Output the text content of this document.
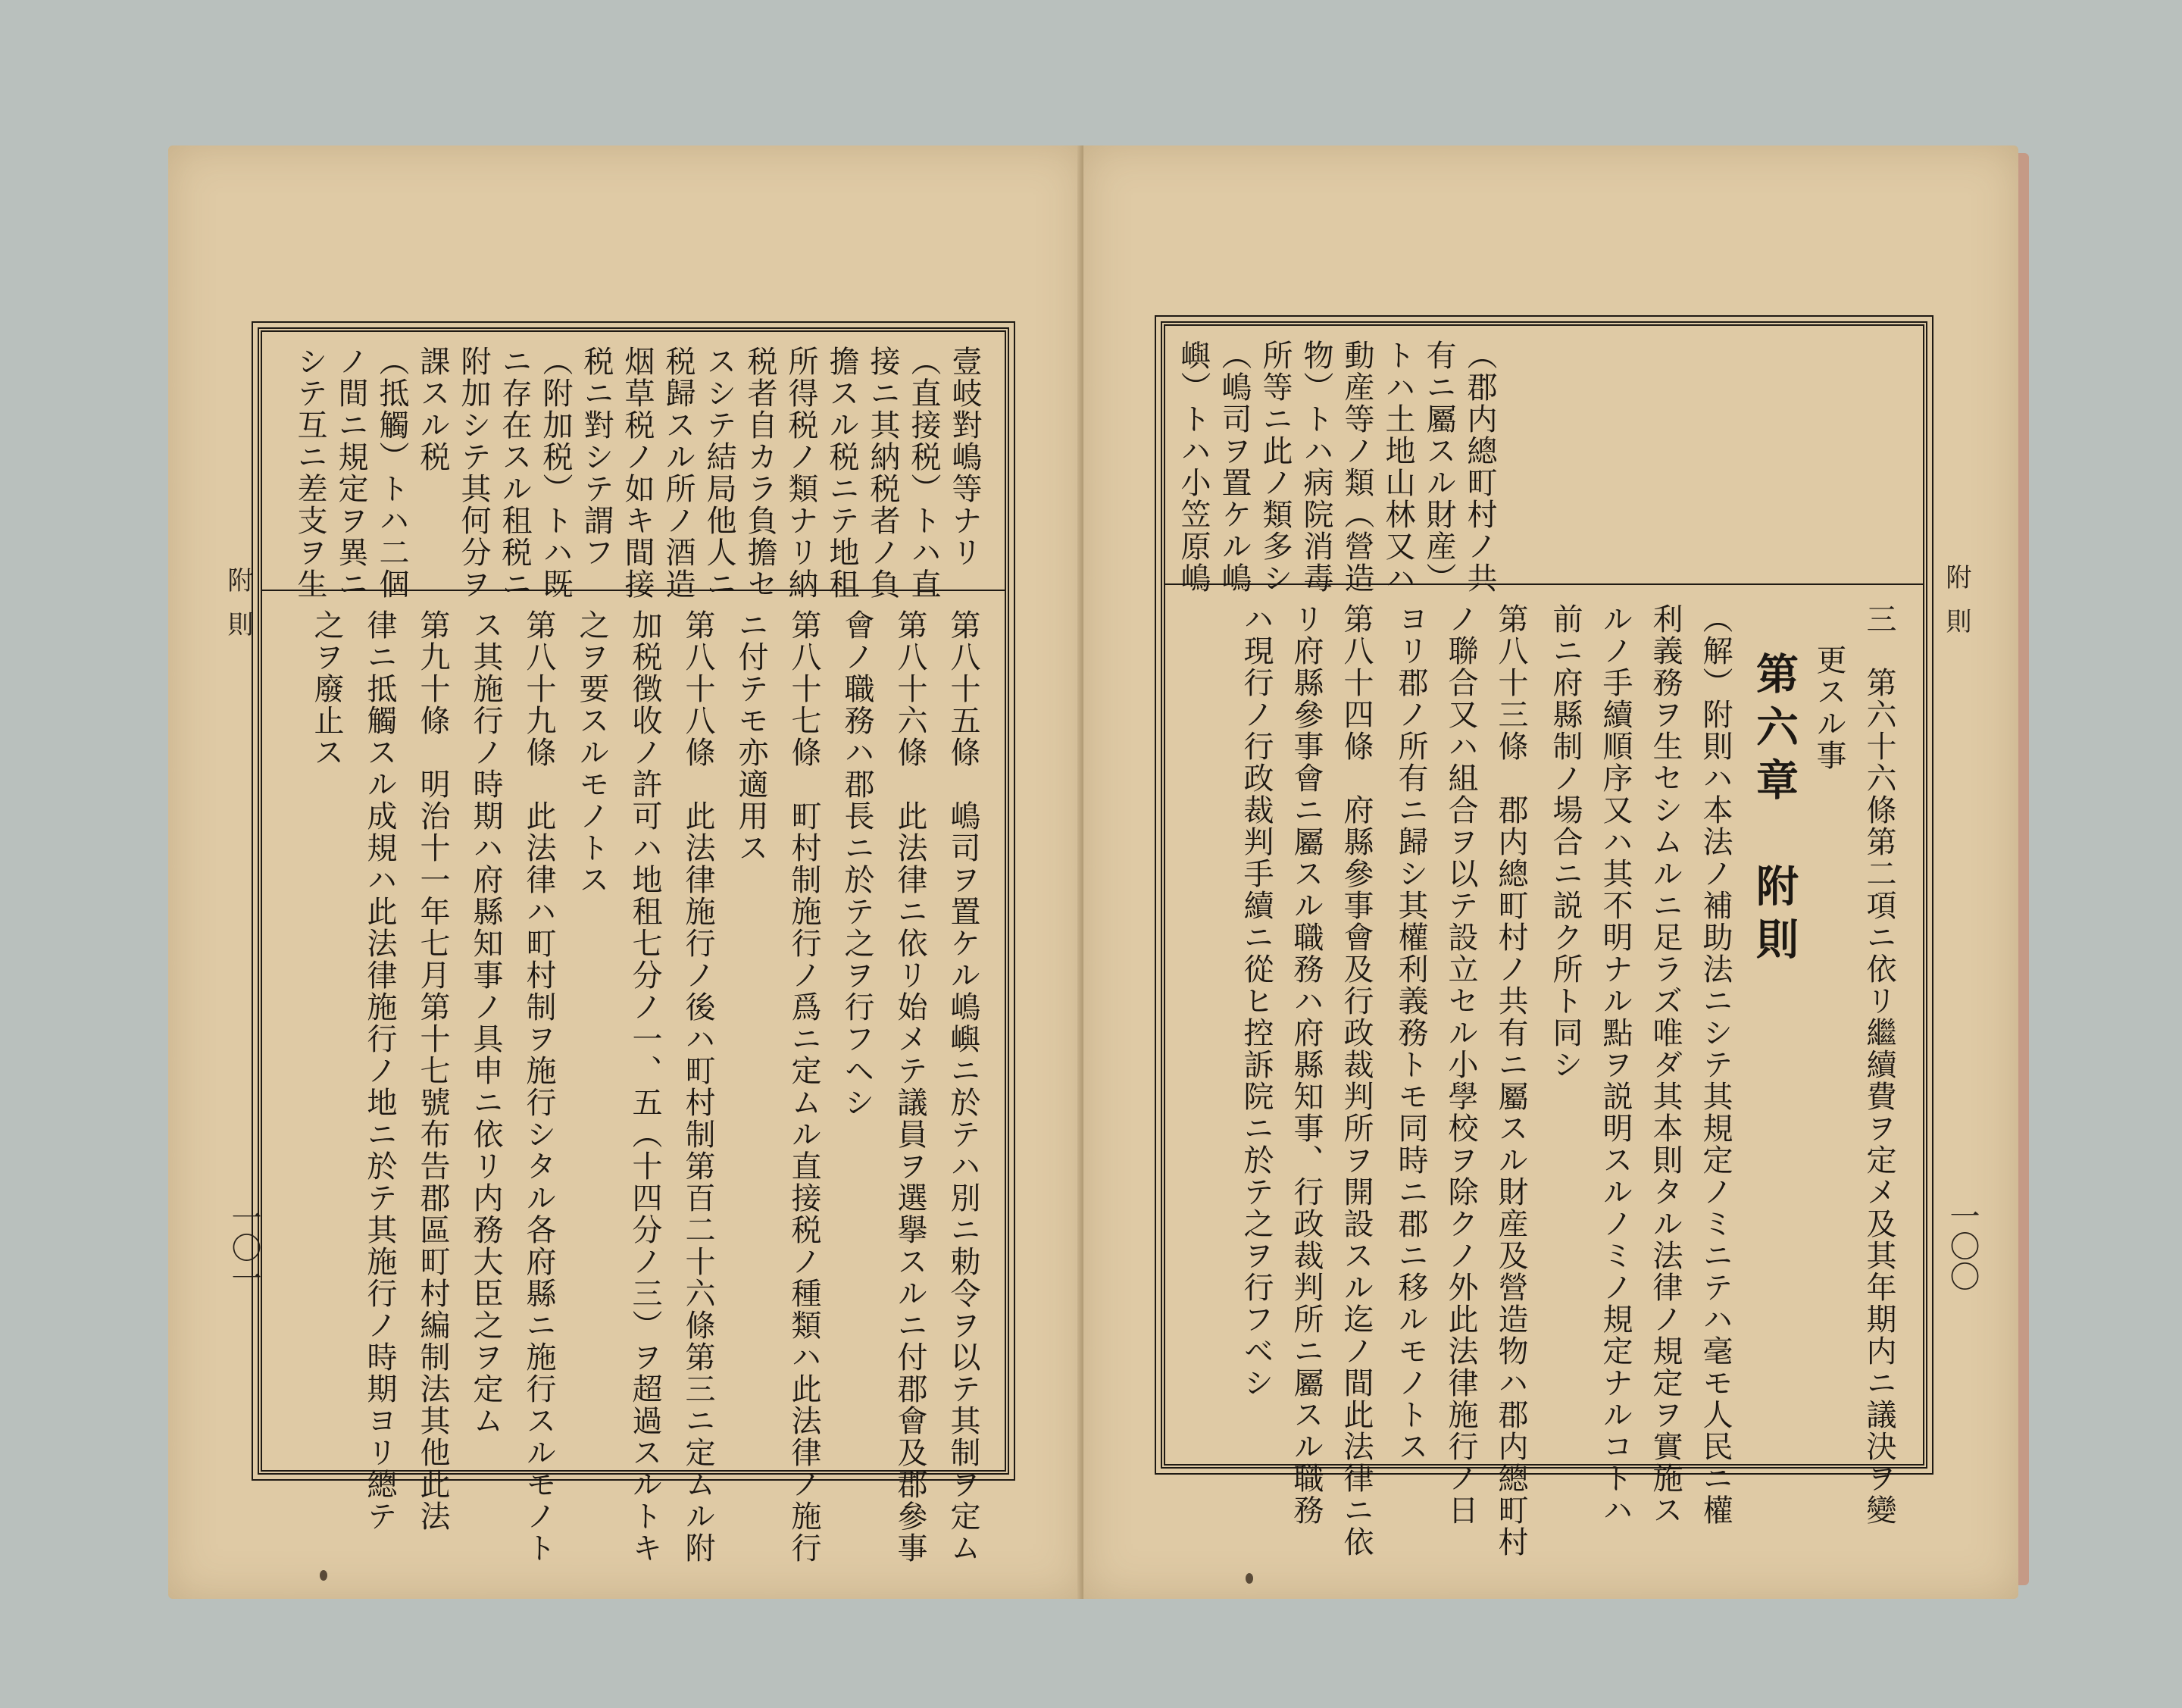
附則
一〇一
壹岐對嶋等ナリ
（直接税）トハ直
接ニ其納税者ノ負
擔スル税ニテ地租
所得税ノ類ナリ納
税者自カラ負擔セ
スシテ結局他人ニ
税歸スル所ノ酒造
烟草税ノ如キ間接
税ニ對シテ謂フ
（附加税）トハ既
ニ存在スル租税ニ
附加シテ其何分ヲ
課スル税
（抵觸）トハ二個
ノ間ニ規定ヲ異ニ
シテ互ニ差支ヲ生
第八十五條　嶋司ヲ置ケル嶋嶼ニ於テハ別ニ勅令ヲ以テ其制ヲ定ム
第八十六條　此法律ニ依リ始メテ議員ヲ選擧スルニ付郡會及郡參事
會ノ職務ハ郡長ニ於テ之ヲ行フヘシ
第八十七條　町村制施行ノ爲ニ定ムル直接税ノ種類ハ此法律ノ施行
ニ付テモ亦適用ス
第八十八條　此法律施行ノ後ハ町村制第百二十六條第三ニ定ムル附
加税徴收ノ許可ハ地租七分ノ一、五（十四分ノ三）ヲ超過スルトキ
之ヲ要スルモノトス
第八十九條　此法律ハ町村制ヲ施行シタル各府縣ニ施行スルモノト
ス其施行ノ時期ハ府縣知事ノ具申ニ依リ内務大臣之ヲ定ム
第九十條　明治十一年七月第十七號布告郡區町村編制法其他此法
律ニ抵觸スル成規ハ此法律施行ノ地ニ於テ其施行ノ時期ヨリ總テ
之ヲ廢止ス
附則
一〇〇
（郡内總町村ノ共
有ニ屬スル財産）
トハ土地山林又ハ
動産等ノ類（營造
物）トハ病院消毒
所等ニ此ノ類多シ
（嶋司ヲ置ケル嶋
嶼）トハ小笠原嶋
三　第六十六條第二項ニ依リ繼續費ヲ定メ及其年期内ニ議決ヲ變
更スル事
第六章　附則
（解）附則ハ本法ノ補助法ニシテ其規定ノミニテハ毫モ人民ニ權
利義務ヲ生セシムルニ足ラズ唯ダ其本則タル法律ノ規定ヲ實施ス
ルノ手續順序又ハ其不明ナル點ヲ説明スルノミノ規定ナルコトハ
前ニ府縣制ノ場合ニ説ク所ト同シ
第八十三條　郡内總町村ノ共有ニ屬スル財産及營造物ハ郡内總町村
ノ聯合又ハ組合ヲ以テ設立セル小學校ヲ除クノ外此法律施行ノ日
ヨリ郡ノ所有ニ歸シ其權利義務トモ同時ニ郡ニ移ルモノトス
第八十四條　府縣參事會及行政裁判所ヲ開設スル迄ノ間此法律ニ依
リ府縣參事會ニ屬スル職務ハ府縣知事、行政裁判所ニ屬スル職務
ハ現行ノ行政裁判手續ニ從ヒ控訴院ニ於テ之ヲ行フベシ
